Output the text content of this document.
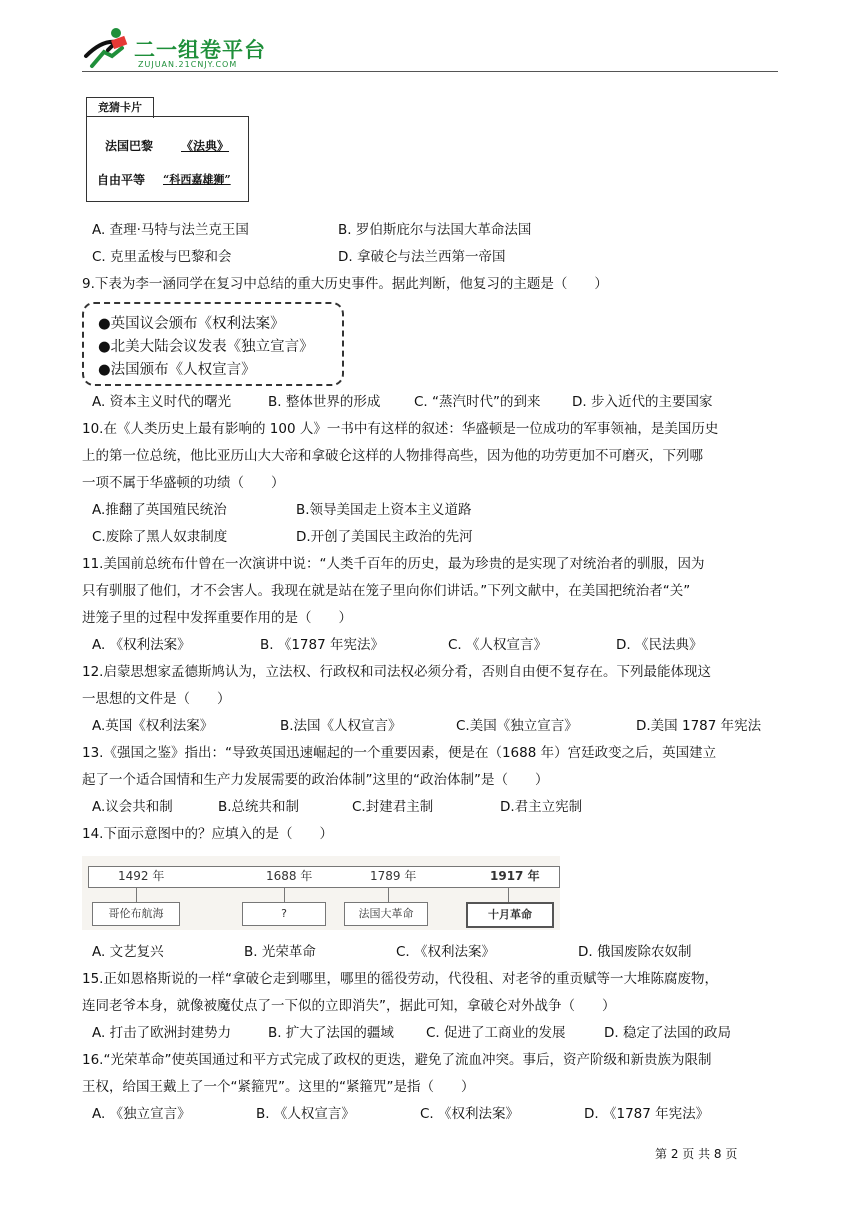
二一组卷平台
ZUJUAN.21CNJY.COM
竞猜卡片
法国巴黎 《法典》
自由平等 “科西嘉雄狮”
A. 查理·马特与法兰克王国	B. 罗伯斯庇尔与法国大革命法国
C. 克里孟梭与巴黎和会	D. 拿破仑与法兰西第一帝国
9.下表为李一涵同学在复习中总结的重大历史事件。据此判断，他复习的主题是（　　）
●英国议会颁布《权利法案》
●北美大陆会议发表《独立宣言》
●法国颁布《人权宣言》
A. 资本主义时代的曙光	B. 整体世界的形成 C. “蒸汽时代”的到来 D. 步入近代的主要国家
10.在《人类历史上最有影响的 100 人》一书中有这样的叙述：华盛顿是一位成功的军事领袖，是美国历史
上的第一位总统，他比亚历山大大帝和拿破仑这样的人物排得高些，因为他的功劳更加不可磨灭，下列哪
一项不属于华盛顿的功绩（　　）
A.推翻了英国殖民统治	B.领导美国走上资本主义道路
C.废除了黑人奴隶制度	D.开创了美国民主政治的先河
11.美国前总统布什曾在一次演讲中说：“人类千百年的历史，最为珍贵的是实现了对统治者的驯服，因为
只有驯服了他们，才不会害人。我现在就是站在笼子里向你们讲话。”下列文献中，在美国把统治者“关”
进笼子里的过程中发挥重要作用的是（　　）
A. 《权利法案》	B. 《1787 年宪法》	C. 《人权宣言》	D. 《民法典》
12.启蒙思想家孟德斯鸠认为，立法权、行政权和司法权必须分肴，否则自由便不复存在。下列最能体现这
一思想的文件是（　　）
A.英国《权利法案》	B.法国《人权宣言》	C.美国《独立宣言》	D.美国 1787 年宪法
13.《强国之鉴》指出：“导致英国迅速崛起的一个重要因素，便是在（1688 年）宫廷政变之后，英国建立
起了一个适合国情和生产力发展需要的政治体制”这里的“政治体制”是（　　）
A.议会共和制	B.总统共和制	C.封建君主制	D.君主立宪制
14.下面示意图中的？应填入的是（　　）
1492 年	1688 年	1789 年	1917 年
哥伦布航海	?	法国大革命	十月革命
A. 文艺复兴	B. 光荣革命	C. 《权利法案》	D. 俄国废除农奴制
15.正如恩格斯说的一样“拿破仑走到哪里，哪里的徭役劳动，代役租、对老爷的重贡赋等一大堆陈腐废物，
连同老爷本身，就像被魔仗点了一下似的立即消失”，据此可知，拿破仑对外战争（　　）
A. 打击了欧洲封建势力	B. 扩大了法国的疆域 C. 促进了工商业的发展	D. 稳定了法国的政局
16.“光荣革命”使英国通过和平方式完成了政权的更迭，避免了流血冲突。事后，资产阶级和新贵族为限制
王权，给国王戴上了一个“紧箍咒”。这里的“紧箍咒”是指（　　）
A. 《独立宣言》	B. 《人权宣言》	C. 《权利法案》	D. 《1787 年宪法》
第 2 页 共 8 页
